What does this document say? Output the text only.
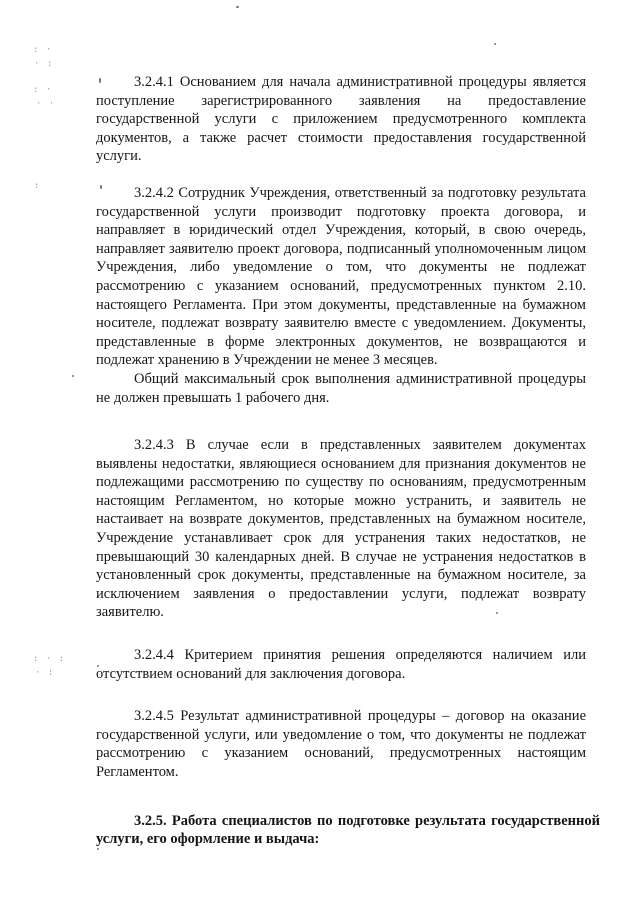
: ·
· :
: ·
· ·
:
: · :
· :

3.2.4.1 Основанием для начала административной процедуры является поступление зарегистрированного заявления на предоставление государственной услуги с приложением предусмотренного комплекта документов, а также расчет стоимости предоставления государственной услуги.

3.2.4.2 Сотрудник Учреждения, ответственный за подготовку результата государственной услуги производит подготовку проекта договора, и направляет в юридический отдел Учреждения, который, в свою очередь, направляет заявителю проект договора, подписанный уполномоченным лицом Учреждения, либо уведомление о том, что документы не подлежат рассмотрению с указанием оснований, предусмотренных пунктом 2.10. настоящего Регламента. При этом документы, представленные на бумажном носителе, подлежат возврату заявителю вместе с уведомлением. Документы, представленные в форме электронных документов, не возвращаются и подлежат хранению в Учреждении не менее 3 месяцев.

Общий максимальный срок выполнения административной процедуры не должен превышать 1 рабочего дня.

3.2.4.3 В случае если в представленных заявителем документах выявлены недостатки, являющиеся основанием для признания документов не подлежащими рассмотрению по существу по основаниям, предусмотренным настоящим Регламентом, но которые можно устранить, и заявитель не настаивает на возврате документов, представленных на бумажном носителе, Учреждение устанавливает срок для устранения таких недостатков, не превышающий 30 календарных дней. В случае не устранения недостатков в установленный срок документы, представленные на бумажном носителе, за исключением заявления о предоставлении услуги, подлежат возврату заявителю.

3.2.4.4 Критерием принятия решения определяются наличием или отсутствием оснований для заключения договора.

3.2.4.5 Результат административной процедуры – договор на оказание государственной услуги, или уведомление о том, что документы не подлежат рассмотрению с указанием оснований, предусмотренных настоящим Регламентом.

3.2.5. Работа специалистов по подготовке результата государственной услуги, его оформление и выдача:
